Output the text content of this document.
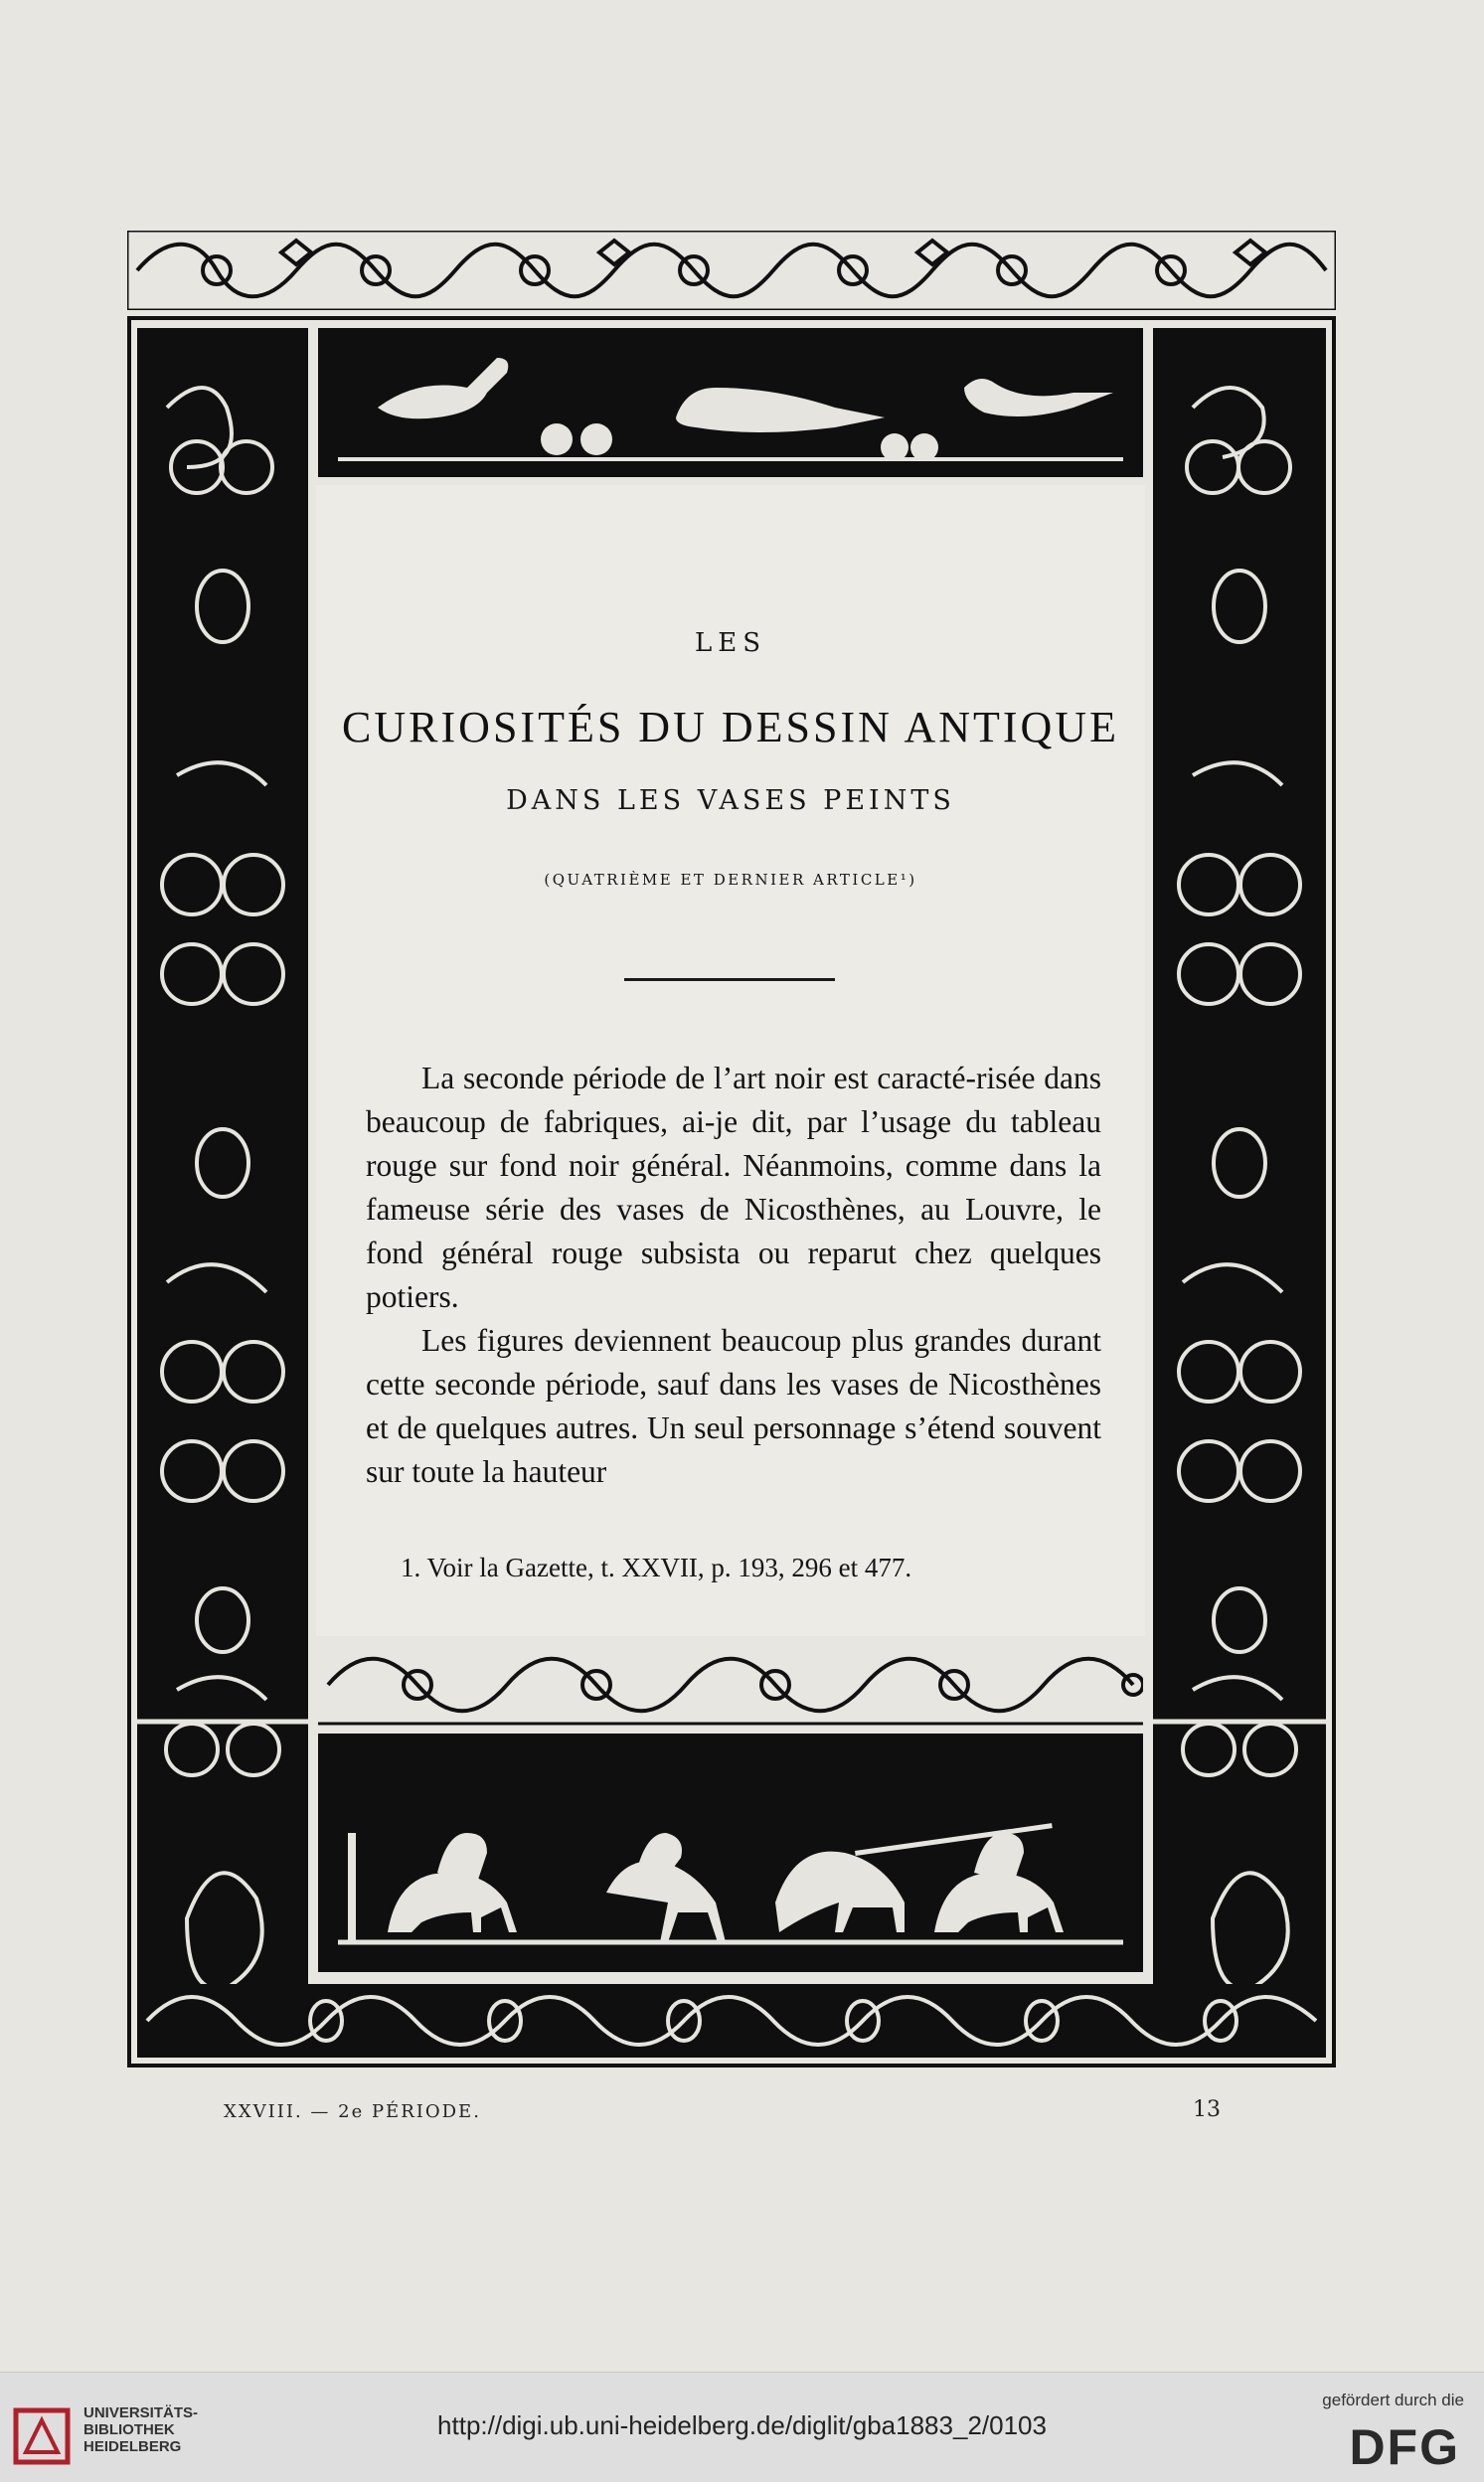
LES
CURIOSITÉS DU DESSIN ANTIQUE
DANS LES VASES PEINTS
(QUATRIÈME ET DERNIER ARTICLE¹)

La seconde période de l’art noir est caracté-risée dans beaucoup de fabriques, ai-je dit, par l’usage du tableau rouge sur fond noir général. Néanmoins, comme dans la fameuse série des vases de Nicosthènes, au Louvre, le fond général rouge subsista ou reparut chez quelques potiers.

Les figures deviennent beaucoup plus grandes durant cette seconde période, sauf dans les vases de Nicosthènes et de quelques autres. Un seul personnage s’étend souvent sur toute la hauteur

1. Voir la Gazette, t. XXVII, p. 193, 296 et 477.
XXVIII. — 2e PÉRIODE.	13
UNIVERSITÄTS-
BIBLIOTHEK
HEIDELBERG
http://digi.ub.uni-heidelberg.de/diglit/gba1883_2/0103
gefördert durch die
DFG
